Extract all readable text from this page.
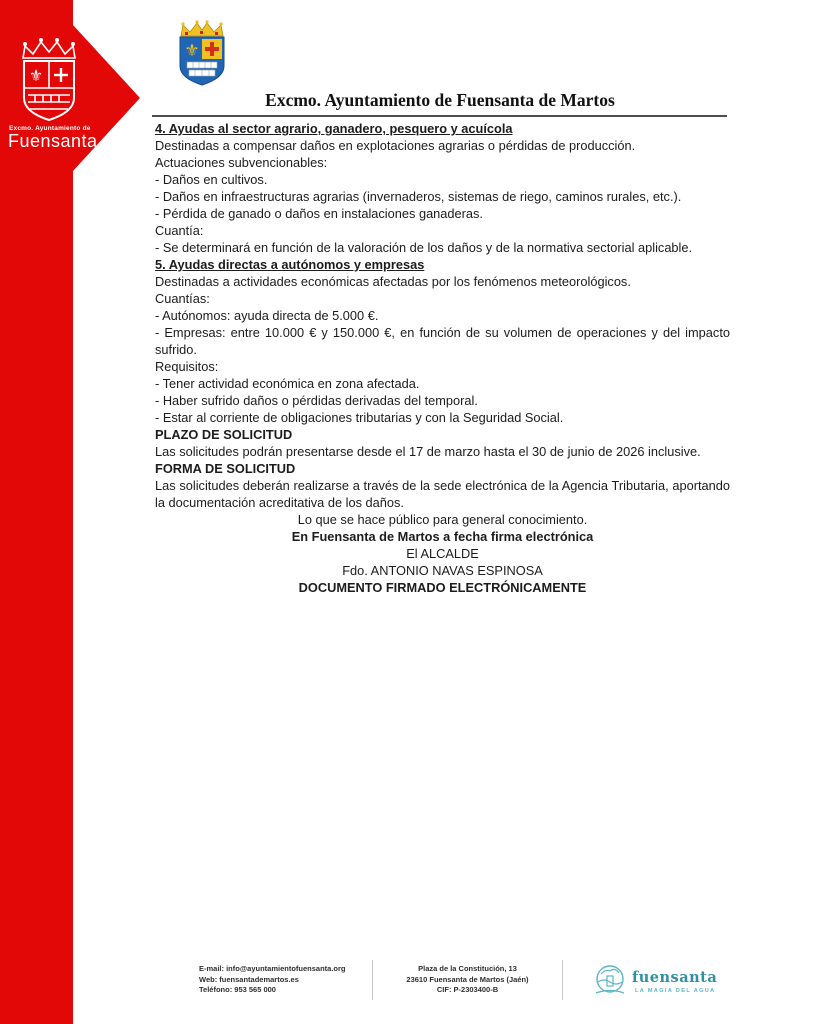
⚜
Excmo. Ayuntamiento de
Fuensanta
⚜
Excmo. Ayuntamiento de Fuensanta de Martos

4. Ayudas al sector agrario, ganadero, pesquero y acuícola

Destinadas a compensar daños en explotaciones agrarias o pérdidas de producción.

Actuaciones subvencionables:

- Daños en cultivos.

- Daños en infraestructuras agrarias (invernaderos, sistemas de riego, caminos rurales, etc.).

- Pérdida de ganado o daños en instalaciones ganaderas.

Cuantía:

- Se determinará en función de la valoración de los daños y de la normativa sectorial aplicable.

5. Ayudas directas a autónomos y empresas

Destinadas a actividades económicas afectadas por los fenómenos meteorológicos.

Cuantías:

- Autónomos: ayuda directa de 5.000 €.

- Empresas: entre 10.000 € y 150.000 €, en función de su volumen de operaciones y del impacto sufrido.

Requisitos:

- Tener actividad económica en zona afectada.

- Haber sufrido daños o pérdidas derivadas del temporal.

- Estar al corriente de obligaciones tributarias y con la Seguridad Social.

PLAZO DE SOLICITUD

Las solicitudes podrán presentarse desde el 17 de marzo hasta el 30 de junio de 2026 inclusive.

FORMA DE SOLICITUD

Las solicitudes deberán realizarse a través de la sede electrónica de la Agencia Tributaria, aportando la documentación acreditativa de los daños.

Lo que se hace público para general conocimiento.

En Fuensanta de Martos a fecha firma electrónica

El ALCALDE

Fdo. ANTONIO NAVAS ESPINOSA

DOCUMENTO FIRMADO ELECTRÓNICAMENTE

E-mail: info@ayuntamientofuensanta.org
Web: fuensantademartos.es
Teléfono: 953 565 000
Plaza de la Constitución, 13
23610 Fuensanta de Martos (Jaén)
CIF: P-2303400-B
fuensanta
LA MAGIA DEL AGUA
